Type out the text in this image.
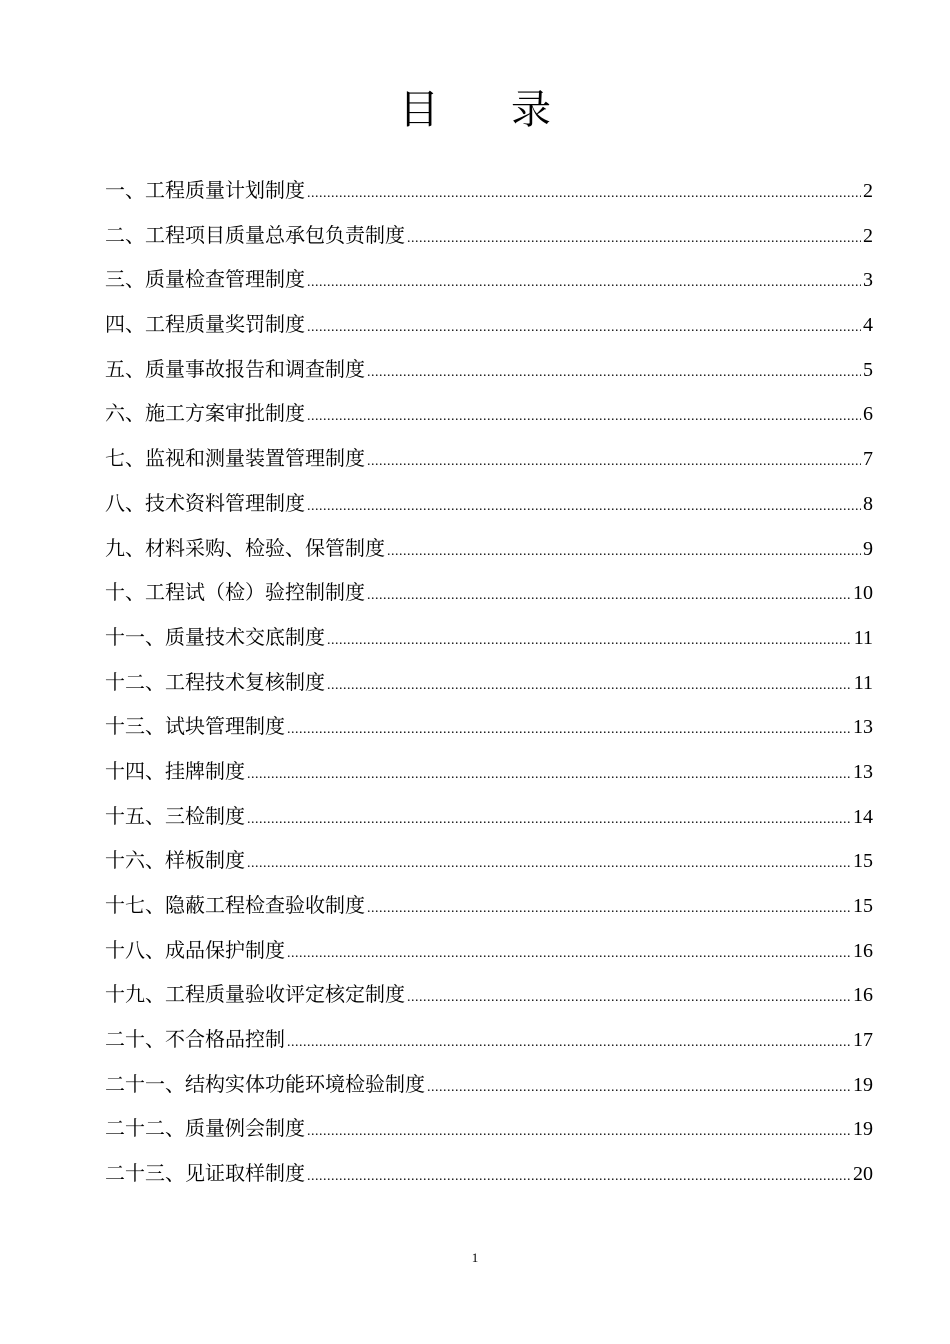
目 录
一、工程质量计划制度 .....	2
二、工程项目质量总承包负责制度 .....	2
三、质量检查管理制度 .....	3
四、工程质量奖罚制度 .....	4
五、质量事故报告和调查制度 .....	5
六、施工方案审批制度 .....	6
七、监视和测量装置管理制度 .....	7
八、技术资料管理制度 .....	8
九、材料采购、检验、保管制度 .....	9
十、工程试（检）验控制制度 .....	10
十一、质量技术交底制度 .....	11
十二、工程技术复核制度 .....	11
十三、试块管理制度 .....	13
十四、挂牌制度 .....	13
十五、三检制度 .....	14
十六、样板制度 .....	15
十七、隐蔽工程检查验收制度 .....	15
十八、成品保护制度 .....	16
十九、工程质量验收评定核定制度 .....	16
二十、不合格品控制 .....	17
二十一、结构实体功能环境检验制度 .....	19
二十二、质量例会制度 .....	19
二十三、见证取样制度 .....	20
1
